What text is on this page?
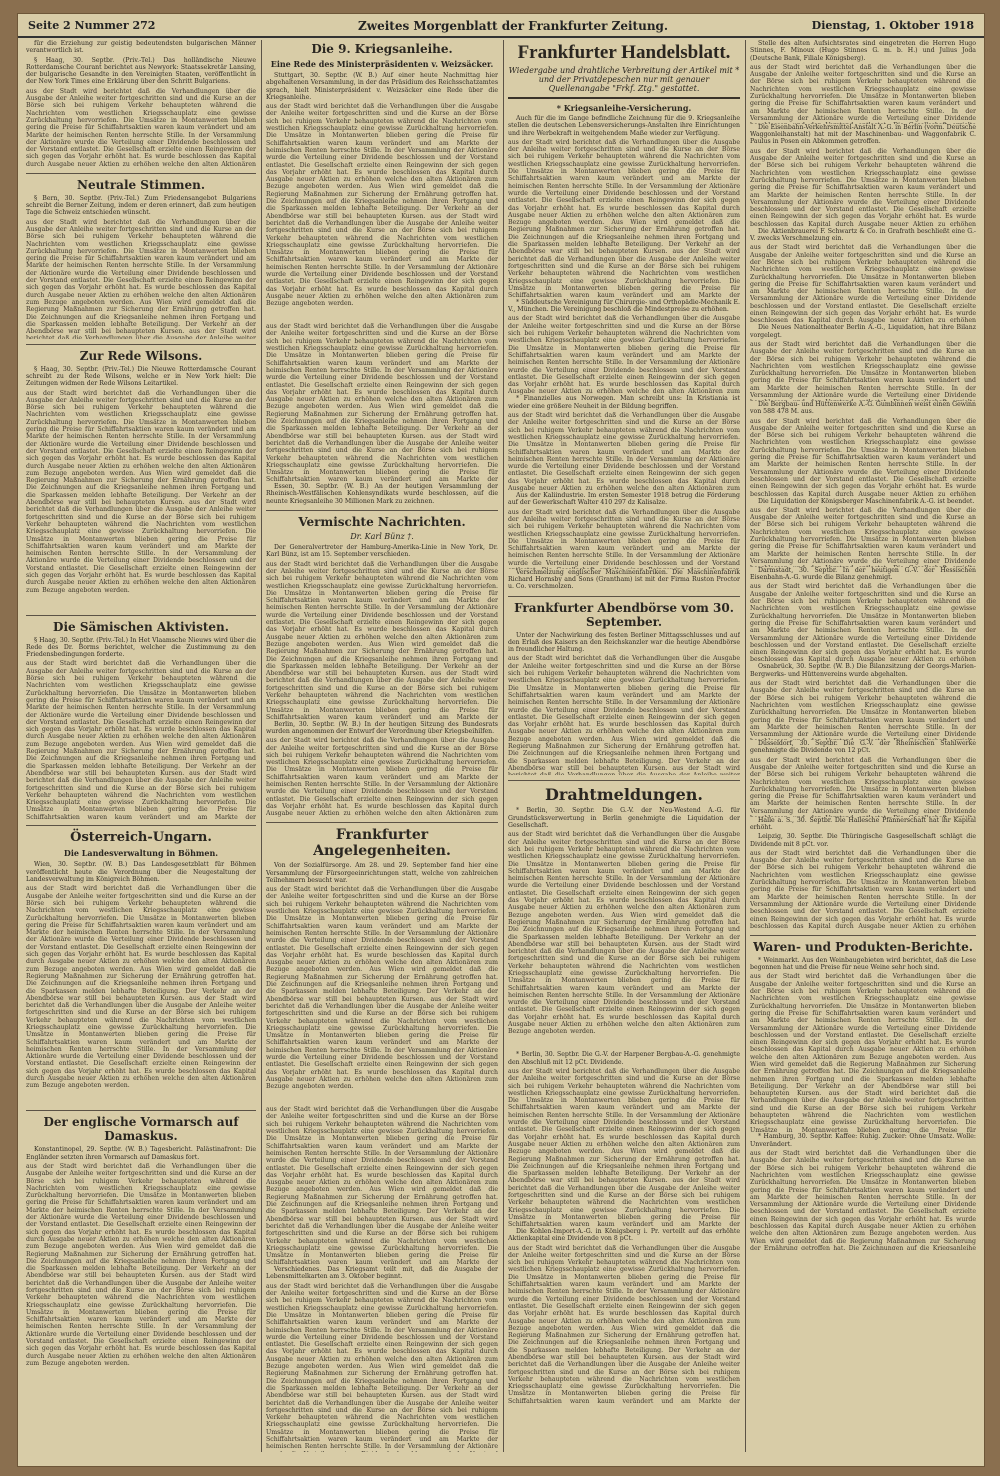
Seite 2 Nummer 272	Zweites Morgenblatt der Frankfurter Zeitung.	Dienstag, 1. Oktober 1918
für die Erziehung zur geistig bedeutendsten bulgarischen Männer verantwortlich ist.
§ Haag, 30. Septbr. (Priv.-Tel.) Das holländische Nieuwe Rotterdamsche Courant berichtet aus Newyork: Staatssekretär Lansing, der bulgarische Gesandte in den Vereinigten Staaten, veröffentlicht in der New York Times eine Erklärung über den Schritt Bulgariens.
aus der Stadt wird berichtet daß die Verhandlungen über die Ausgabe der Anleihe weiter fortgeschritten sind und die Kurse an der Börse sich bei ruhigem Verkehr behaupteten während die Nachrichten vom westlichen Kriegsschauplatz eine gewisse Zurückhaltung hervorriefen. Die Umsätze in Montanwerten blieben gering die Preise für Schiffahrtsaktien waren kaum verändert und am Markte der heimischen Renten herrschte Stille. In der Versammlung der Aktionäre wurde die Verteilung einer Dividende beschlossen und der Vorstand entlastet. Die Gesellschaft erzielte einen Reingewinn der sich gegen das Vorjahr erhöht hat. Es wurde beschlossen das Kapital durch Ausgabe neuer Aktien zu erhöhen welche den alten Aktionären zum Bezuge angeboten werden. Aus Wien wird gemeldet daß die Regierung Maßnahmen zur Sicherung der Ernährung getroffen hat. Die Zeichnungen auf die Kriegsanleihe nehmen ihren Fortgang und die Sparkassen melden lebhafte Beteiligung. Der Verkehr an der Abendbörse war still bei behaupteten Kursen. aus der Stadt wird berichtet daß die Verhandlungen über die Ausgabe der Anleihe weiter fortgeschritten sind und die Kurse an der Börse sich bei ruhigem Verkehr behaupteten während die Nachrichten vom westlichen Kriegsschauplatz eine gewisse Zurückhaltung hervorriefen. Die Umsätze in Montanwerten blieben gering die Preise für Schiffahrtsaktien waren kaum verändert und am Markte der heimischen Renten herrschte Stille. In der Versammlung der Aktionäre wurde die Verteilung einer Dividende beschlossen und der Vorstand entlastet. Die Gesellschaft erzielte einen Reingewinn der sich gegen das Vorjahr erhöht hat. Es wurde beschlossen das Kapital durch Ausgabe neuer Aktien zu erhöhen welche den alten Aktionären zum Bezuge angeboten werden.
Neutrale Stimmen.
§ Bern, 30. Septbr. (Priv.-Tel.) Zum Friedensangebot Bulgariens schreibt die Berner Zeitung, indem er deren erinnert, daß zum heutigen Tage die Schweiz entschieden wünscht.
aus der Stadt wird berichtet daß die Verhandlungen über die Ausgabe der Anleihe weiter fortgeschritten sind und die Kurse an der Börse sich bei ruhigem Verkehr behaupteten während die Nachrichten vom westlichen Kriegsschauplatz eine gewisse Zurückhaltung hervorriefen. Die Umsätze in Montanwerten blieben gering die Preise für Schiffahrtsaktien waren kaum verändert und am Markte der heimischen Renten herrschte Stille. In der Versammlung der Aktionäre wurde die Verteilung einer Dividende beschlossen und der Vorstand entlastet. Die Gesellschaft erzielte einen Reingewinn der sich gegen das Vorjahr erhöht hat. Es wurde beschlossen das Kapital durch Ausgabe neuer Aktien zu erhöhen welche den alten Aktionären zum Bezuge angeboten werden. Aus Wien wird gemeldet daß die Regierung Maßnahmen zur Sicherung der Ernährung getroffen hat. Die Zeichnungen auf die Kriegsanleihe nehmen ihren Fortgang und die Sparkassen melden lebhafte Beteiligung. Der Verkehr an der Abendbörse war still bei behaupteten Kursen. aus der Stadt wird berichtet daß die Verhandlungen über die Ausgabe der Anleihe weiter fortgeschritten sind und die Kurse an der Börse sich bei ruhigem Verkehr behaupteten während die Nachrichten vom westlichen Kriegsschauplatz eine gewisse Zurückhaltung hervorriefen. Die Umsätze in Montanwerten blieben gering die Preise für Schiffahrtsaktien waren kaum verändert und am Markte der heimischen Renten herrschte Stille. In der Versammlung der Aktionäre wurde die Verteilung einer Dividende beschlossen und der Vorstand entlastet. Die Gesellschaft erzielte einen Reingewinn der sich gegen das Vorjahr erhöht hat. Es wurde beschlossen das Kapital durch Ausgabe neuer Aktien zu erhöhen welche den alten Aktionären zum Bezuge angeboten werden.
Zur Rede Wilsons.
§ Haag, 30. Septbr. (Priv.-Tel.) Die Nieuwe Rotterdamsche Courant schreibt zu der Rede Wilsons, welche er in New York hielt: Die Zeitungen widmen der Rede Wilsons Leitartikel.
aus der Stadt wird berichtet daß die Verhandlungen über die Ausgabe der Anleihe weiter fortgeschritten sind und die Kurse an der Börse sich bei ruhigem Verkehr behaupteten während die Nachrichten vom westlichen Kriegsschauplatz eine gewisse Zurückhaltung hervorriefen. Die Umsätze in Montanwerten blieben gering die Preise für Schiffahrtsaktien waren kaum verändert und am Markte der heimischen Renten herrschte Stille. In der Versammlung der Aktionäre wurde die Verteilung einer Dividende beschlossen und der Vorstand entlastet. Die Gesellschaft erzielte einen Reingewinn der sich gegen das Vorjahr erhöht hat. Es wurde beschlossen das Kapital durch Ausgabe neuer Aktien zu erhöhen welche den alten Aktionären zum Bezuge angeboten werden. Aus Wien wird gemeldet daß die Regierung Maßnahmen zur Sicherung der Ernährung getroffen hat. Die Zeichnungen auf die Kriegsanleihe nehmen ihren Fortgang und die Sparkassen melden lebhafte Beteiligung. Der Verkehr an der Abendbörse war still bei behaupteten Kursen. aus der Stadt wird berichtet daß die Verhandlungen über die Ausgabe der Anleihe weiter fortgeschritten sind und die Kurse an der Börse sich bei ruhigem Verkehr behaupteten während die Nachrichten vom westlichen Kriegsschauplatz eine gewisse Zurückhaltung hervorriefen. Die Umsätze in Montanwerten blieben gering die Preise für Schiffahrtsaktien waren kaum verändert und am Markte der heimischen Renten herrschte Stille. In der Versammlung der Aktionäre wurde die Verteilung einer Dividende beschlossen und der Vorstand entlastet. Die Gesellschaft erzielte einen Reingewinn der sich gegen das Vorjahr erhöht hat. Es wurde beschlossen das Kapital durch Ausgabe neuer Aktien zu erhöhen welche den alten Aktionären zum Bezuge angeboten werden.
Die Sämischen Aktivisten.
§ Haag, 30. Septbr. (Priv.-Tel.) In Het Vlaamsche Nieuws wird über die Rede des Dr. Borms berichtet, welcher die Zustimmung zu den Friedensbedingungen forderte.
aus der Stadt wird berichtet daß die Verhandlungen über die Ausgabe der Anleihe weiter fortgeschritten sind und die Kurse an der Börse sich bei ruhigem Verkehr behaupteten während die Nachrichten vom westlichen Kriegsschauplatz eine gewisse Zurückhaltung hervorriefen. Die Umsätze in Montanwerten blieben gering die Preise für Schiffahrtsaktien waren kaum verändert und am Markte der heimischen Renten herrschte Stille. In der Versammlung der Aktionäre wurde die Verteilung einer Dividende beschlossen und der Vorstand entlastet. Die Gesellschaft erzielte einen Reingewinn der sich gegen das Vorjahr erhöht hat. Es wurde beschlossen das Kapital durch Ausgabe neuer Aktien zu erhöhen welche den alten Aktionären zum Bezuge angeboten werden. Aus Wien wird gemeldet daß die Regierung Maßnahmen zur Sicherung der Ernährung getroffen hat. Die Zeichnungen auf die Kriegsanleihe nehmen ihren Fortgang und die Sparkassen melden lebhafte Beteiligung. Der Verkehr an der Abendbörse war still bei behaupteten Kursen. aus der Stadt wird berichtet daß die Verhandlungen über die Ausgabe der Anleihe weiter fortgeschritten sind und die Kurse an der Börse sich bei ruhigem Verkehr behaupteten während die Nachrichten vom westlichen Kriegsschauplatz eine gewisse Zurückhaltung hervorriefen. Die Umsätze in Montanwerten blieben gering die Preise für Schiffahrtsaktien waren kaum verändert und am Markte der heimischen Renten herrschte Stille. In der Versammlung der Aktionäre wurde die Verteilung einer Dividende beschlossen und der Vorstand entlastet. Die Gesellschaft erzielte einen Reingewinn der sich gegen das Vorjahr erhöht hat. Es wurde beschlossen das Kapital durch Ausgabe neuer Aktien zu erhöhen welche den alten Aktionären zum Bezuge angeboten werden.
Österreich-Ungarn.
Die Landesverwaltung in Böhmen.
Wien, 30. Septbr. (W. B.) Das Landesgesetzblatt für Böhmen veröffentlicht heute die Verordnung über die Neugestaltung der Landesverwaltung im Königreich Böhmen.
aus der Stadt wird berichtet daß die Verhandlungen über die Ausgabe der Anleihe weiter fortgeschritten sind und die Kurse an der Börse sich bei ruhigem Verkehr behaupteten während die Nachrichten vom westlichen Kriegsschauplatz eine gewisse Zurückhaltung hervorriefen. Die Umsätze in Montanwerten blieben gering die Preise für Schiffahrtsaktien waren kaum verändert und am Markte der heimischen Renten herrschte Stille. In der Versammlung der Aktionäre wurde die Verteilung einer Dividende beschlossen und der Vorstand entlastet. Die Gesellschaft erzielte einen Reingewinn der sich gegen das Vorjahr erhöht hat. Es wurde beschlossen das Kapital durch Ausgabe neuer Aktien zu erhöhen welche den alten Aktionären zum Bezuge angeboten werden. Aus Wien wird gemeldet daß die Regierung Maßnahmen zur Sicherung der Ernährung getroffen hat. Die Zeichnungen auf die Kriegsanleihe nehmen ihren Fortgang und die Sparkassen melden lebhafte Beteiligung. Der Verkehr an der Abendbörse war still bei behaupteten Kursen. aus der Stadt wird berichtet daß die Verhandlungen über die Ausgabe der Anleihe weiter fortgeschritten sind und die Kurse an der Börse sich bei ruhigem Verkehr behaupteten während die Nachrichten vom westlichen Kriegsschauplatz eine gewisse Zurückhaltung hervorriefen. Die Umsätze in Montanwerten blieben gering die Preise für Schiffahrtsaktien waren kaum verändert und am Markte der heimischen Renten herrschte Stille. In der Versammlung der Aktionäre wurde die Verteilung einer Dividende beschlossen und der Vorstand entlastet. Die Gesellschaft erzielte einen Reingewinn der sich gegen das Vorjahr erhöht hat. Es wurde beschlossen das Kapital durch Ausgabe neuer Aktien zu erhöhen welche den alten Aktionären zum Bezuge angeboten werden.
Der englische Vormarsch auf Damaskus.
Konstantinopel, 29. Septbr. (W. B.) Tagesbericht. Palästinafront: Die Engländer setzten ihren Vormarsch auf Damaskus fort.
aus der Stadt wird berichtet daß die Verhandlungen über die Ausgabe der Anleihe weiter fortgeschritten sind und die Kurse an der Börse sich bei ruhigem Verkehr behaupteten während die Nachrichten vom westlichen Kriegsschauplatz eine gewisse Zurückhaltung hervorriefen. Die Umsätze in Montanwerten blieben gering die Preise für Schiffahrtsaktien waren kaum verändert und am Markte der heimischen Renten herrschte Stille. In der Versammlung der Aktionäre wurde die Verteilung einer Dividende beschlossen und der Vorstand entlastet. Die Gesellschaft erzielte einen Reingewinn der sich gegen das Vorjahr erhöht hat. Es wurde beschlossen das Kapital durch Ausgabe neuer Aktien zu erhöhen welche den alten Aktionären zum Bezuge angeboten werden. Aus Wien wird gemeldet daß die Regierung Maßnahmen zur Sicherung der Ernährung getroffen hat. Die Zeichnungen auf die Kriegsanleihe nehmen ihren Fortgang und die Sparkassen melden lebhafte Beteiligung. Der Verkehr an der Abendbörse war still bei behaupteten Kursen. aus der Stadt wird berichtet daß die Verhandlungen über die Ausgabe der Anleihe weiter fortgeschritten sind und die Kurse an der Börse sich bei ruhigem Verkehr behaupteten während die Nachrichten vom westlichen Kriegsschauplatz eine gewisse Zurückhaltung hervorriefen. Die Umsätze in Montanwerten blieben gering die Preise für Schiffahrtsaktien waren kaum verändert und am Markte der heimischen Renten herrschte Stille. In der Versammlung der Aktionäre wurde die Verteilung einer Dividende beschlossen und der Vorstand entlastet. Die Gesellschaft erzielte einen Reingewinn der sich gegen das Vorjahr erhöht hat. Es wurde beschlossen das Kapital durch Ausgabe neuer Aktien zu erhöhen welche den alten Aktionären zum Bezuge angeboten werden.
Die 9. Kriegsanleihe.
Eine Rede des Ministerpräsidenten v. Weizsäcker.
Stuttgart, 30. Septbr. (W. B.) Auf einer heute Nachmittag hier abgehaltenen Versammlung, in der das Präsidium des Reichsschatzamtes sprach, hielt Ministerpräsident v. Weizsäcker eine Rede über die Kriegsanleihe.
aus der Stadt wird berichtet daß die Verhandlungen über die Ausgabe der Anleihe weiter fortgeschritten sind und die Kurse an der Börse sich bei ruhigem Verkehr behaupteten während die Nachrichten vom westlichen Kriegsschauplatz eine gewisse Zurückhaltung hervorriefen. Die Umsätze in Montanwerten blieben gering die Preise für Schiffahrtsaktien waren kaum verändert und am Markte der heimischen Renten herrschte Stille. In der Versammlung der Aktionäre wurde die Verteilung einer Dividende beschlossen und der Vorstand entlastet. Die Gesellschaft erzielte einen Reingewinn der sich gegen das Vorjahr erhöht hat. Es wurde beschlossen das Kapital durch Ausgabe neuer Aktien zu erhöhen welche den alten Aktionären zum Bezuge angeboten werden. Aus Wien wird gemeldet daß die Regierung Maßnahmen zur Sicherung der Ernährung getroffen hat. Die Zeichnungen auf die Kriegsanleihe nehmen ihren Fortgang und die Sparkassen melden lebhafte Beteiligung. Der Verkehr an der Abendbörse war still bei behaupteten Kursen. aus der Stadt wird berichtet daß die Verhandlungen über die Ausgabe der Anleihe weiter fortgeschritten sind und die Kurse an der Börse sich bei ruhigem Verkehr behaupteten während die Nachrichten vom westlichen Kriegsschauplatz eine gewisse Zurückhaltung hervorriefen. Die Umsätze in Montanwerten blieben gering die Preise für Schiffahrtsaktien waren kaum verändert und am Markte der heimischen Renten herrschte Stille. In der Versammlung der Aktionäre wurde die Verteilung einer Dividende beschlossen und der Vorstand entlastet. Die Gesellschaft erzielte einen Reingewinn der sich gegen das Vorjahr erhöht hat. Es wurde beschlossen das Kapital durch Ausgabe neuer Aktien zu erhöhen welche den alten Aktionären zum Bezuge angeboten werden.
aus der Stadt wird berichtet daß die Verhandlungen über die Ausgabe der Anleihe weiter fortgeschritten sind und die Kurse an der Börse sich bei ruhigem Verkehr behaupteten während die Nachrichten vom westlichen Kriegsschauplatz eine gewisse Zurückhaltung hervorriefen. Die Umsätze in Montanwerten blieben gering die Preise für Schiffahrtsaktien waren kaum verändert und am Markte der heimischen Renten herrschte Stille. In der Versammlung der Aktionäre wurde die Verteilung einer Dividende beschlossen und der Vorstand entlastet. Die Gesellschaft erzielte einen Reingewinn der sich gegen das Vorjahr erhöht hat. Es wurde beschlossen das Kapital durch Ausgabe neuer Aktien zu erhöhen welche den alten Aktionären zum Bezuge angeboten werden. Aus Wien wird gemeldet daß die Regierung Maßnahmen zur Sicherung der Ernährung getroffen hat. Die Zeichnungen auf die Kriegsanleihe nehmen ihren Fortgang und die Sparkassen melden lebhafte Beteiligung. Der Verkehr an der Abendbörse war still bei behaupteten Kursen. aus der Stadt wird berichtet daß die Verhandlungen über die Ausgabe der Anleihe weiter fortgeschritten sind und die Kurse an der Börse sich bei ruhigem Verkehr behaupteten während die Nachrichten vom westlichen Kriegsschauplatz eine gewisse Zurückhaltung hervorriefen. Die Umsätze in Montanwerten blieben gering die Preise für Schiffahrtsaktien waren kaum verändert und am Markte der heimischen Renten herrschte Stille. In der Versammlung der Aktionäre wurde die Verteilung einer Dividende beschlossen und der Vorstand entlastet. Die Gesellschaft erzielte einen Reingewinn der sich gegen das Vorjahr erhöht hat. Es wurde beschlossen das Kapital durch Ausgabe neuer Aktien zu erhöhen welche den alten Aktionären zum Bezuge angeboten werden.
Essen, 30. Septbr. (W. B.) An der heutigen Versammlung der Rheinisch-Westfälischen Kohlensyndikats wurde beschlossen, auf die neunte Kriegsanleihe 30 Millionen Mark zu zeichnen.
Vermischte Nachrichten.
Dr. Karl Bünz †.
Der Generalvertreter der Hamburg-Amerika-Linie in New York, Dr. Karl Bünz, ist am 15. September verschieden.
aus der Stadt wird berichtet daß die Verhandlungen über die Ausgabe der Anleihe weiter fortgeschritten sind und die Kurse an der Börse sich bei ruhigem Verkehr behaupteten während die Nachrichten vom westlichen Kriegsschauplatz eine gewisse Zurückhaltung hervorriefen. Die Umsätze in Montanwerten blieben gering die Preise für Schiffahrtsaktien waren kaum verändert und am Markte der heimischen Renten herrschte Stille. In der Versammlung der Aktionäre wurde die Verteilung einer Dividende beschlossen und der Vorstand entlastet. Die Gesellschaft erzielte einen Reingewinn der sich gegen das Vorjahr erhöht hat. Es wurde beschlossen das Kapital durch Ausgabe neuer Aktien zu erhöhen welche den alten Aktionären zum Bezuge angeboten werden. Aus Wien wird gemeldet daß die Regierung Maßnahmen zur Sicherung der Ernährung getroffen hat. Die Zeichnungen auf die Kriegsanleihe nehmen ihren Fortgang und die Sparkassen melden lebhafte Beteiligung. Der Verkehr an der Abendbörse war still bei behaupteten Kursen. aus der Stadt wird berichtet daß die Verhandlungen über die Ausgabe der Anleihe weiter fortgeschritten sind und die Kurse an der Börse sich bei ruhigem Verkehr behaupteten während die Nachrichten vom westlichen Kriegsschauplatz eine gewisse Zurückhaltung hervorriefen. Die Umsätze in Montanwerten blieben gering die Preise für Schiffahrtsaktien waren kaum verändert und am Markte der heimischen Renten herrschte Stille. In der Versammlung der Aktionäre wurde die Verteilung einer Dividende beschlossen und der Vorstand entlastet. Die Gesellschaft erzielte einen Reingewinn der sich gegen das Vorjahr erhöht hat. Es wurde beschlossen das Kapital durch Ausgabe neuer Aktien zu erhöhen welche den alten Aktionären zum Bezuge angeboten werden.
Berlin, 30. Septbr. (W. B.) In der heutigen Sitzung des Bundesrats wurden angenommen der Entwurf der Verordnung über Kriegsbeihilfen.
aus der Stadt wird berichtet daß die Verhandlungen über die Ausgabe der Anleihe weiter fortgeschritten sind und die Kurse an der Börse sich bei ruhigem Verkehr behaupteten während die Nachrichten vom westlichen Kriegsschauplatz eine gewisse Zurückhaltung hervorriefen. Die Umsätze in Montanwerten blieben gering die Preise für Schiffahrtsaktien waren kaum verändert und am Markte der heimischen Renten herrschte Stille. In der Versammlung der Aktionäre wurde die Verteilung einer Dividende beschlossen und der Vorstand entlastet. Die Gesellschaft erzielte einen Reingewinn der sich gegen das Vorjahr erhöht hat. Es wurde beschlossen das Kapital durch Ausgabe neuer Aktien zu erhöhen welche den alten Aktionären zum Bezuge angeboten werden. Aus Wien wird gemeldet daß die Regierung Maßnahmen zur Sicherung der Ernährung getroffen hat. Die Zeichnungen auf die Kriegsanleihe nehmen ihren Fortgang und die Sparkassen melden lebhafte Beteiligung. Der Verkehr an der Abendbörse war still bei behaupteten Kursen. aus der Stadt wird berichtet daß die Verhandlungen über die Ausgabe der Anleihe weiter fortgeschritten sind und die Kurse an der Börse sich bei ruhigem Verkehr behaupteten während die Nachrichten vom westlichen Kriegsschauplatz eine gewisse Zurückhaltung hervorriefen. Die Umsätze in Montanwerten blieben gering die Preise für Schiffahrtsaktien waren kaum verändert und am Markte der heimischen Renten herrschte Stille. In der Versammlung der Aktionäre wurde die Verteilung einer Dividende beschlossen und der Vorstand entlastet. Die Gesellschaft erzielte einen Reingewinn der sich gegen das Vorjahr erhöht hat. Es wurde beschlossen das Kapital durch Ausgabe neuer Aktien zu erhöhen welche den alten Aktionären zum Bezuge angeboten werden.
Frankfurter Angelegenheiten.
Von der Sozialfürsorge. Am 28. und 29. September fand hier eine Versammlung der Fürsorgeeinrichtungen statt, welche von zahlreichen Teilnehmern besucht war.
aus der Stadt wird berichtet daß die Verhandlungen über die Ausgabe der Anleihe weiter fortgeschritten sind und die Kurse an der Börse sich bei ruhigem Verkehr behaupteten während die Nachrichten vom westlichen Kriegsschauplatz eine gewisse Zurückhaltung hervorriefen. Die Umsätze in Montanwerten blieben gering die Preise für Schiffahrtsaktien waren kaum verändert und am Markte der heimischen Renten herrschte Stille. In der Versammlung der Aktionäre wurde die Verteilung einer Dividende beschlossen und der Vorstand entlastet. Die Gesellschaft erzielte einen Reingewinn der sich gegen das Vorjahr erhöht hat. Es wurde beschlossen das Kapital durch Ausgabe neuer Aktien zu erhöhen welche den alten Aktionären zum Bezuge angeboten werden. Aus Wien wird gemeldet daß die Regierung Maßnahmen zur Sicherung der Ernährung getroffen hat. Die Zeichnungen auf die Kriegsanleihe nehmen ihren Fortgang und die Sparkassen melden lebhafte Beteiligung. Der Verkehr an der Abendbörse war still bei behaupteten Kursen. aus der Stadt wird berichtet daß die Verhandlungen über die Ausgabe der Anleihe weiter fortgeschritten sind und die Kurse an der Börse sich bei ruhigem Verkehr behaupteten während die Nachrichten vom westlichen Kriegsschauplatz eine gewisse Zurückhaltung hervorriefen. Die Umsätze in Montanwerten blieben gering die Preise für Schiffahrtsaktien waren kaum verändert und am Markte der heimischen Renten herrschte Stille. In der Versammlung der Aktionäre wurde die Verteilung einer Dividende beschlossen und der Vorstand entlastet. Die Gesellschaft erzielte einen Reingewinn der sich gegen das Vorjahr erhöht hat. Es wurde beschlossen das Kapital durch Ausgabe neuer Aktien zu erhöhen welche den alten Aktionären zum Bezuge angeboten werden.
aus der Stadt wird berichtet daß die Verhandlungen über die Ausgabe der Anleihe weiter fortgeschritten sind und die Kurse an der Börse sich bei ruhigem Verkehr behaupteten während die Nachrichten vom westlichen Kriegsschauplatz eine gewisse Zurückhaltung hervorriefen. Die Umsätze in Montanwerten blieben gering die Preise für Schiffahrtsaktien waren kaum verändert und am Markte der heimischen Renten herrschte Stille. In der Versammlung der Aktionäre wurde die Verteilung einer Dividende beschlossen und der Vorstand entlastet. Die Gesellschaft erzielte einen Reingewinn der sich gegen das Vorjahr erhöht hat. Es wurde beschlossen das Kapital durch Ausgabe neuer Aktien zu erhöhen welche den alten Aktionären zum Bezuge angeboten werden. Aus Wien wird gemeldet daß die Regierung Maßnahmen zur Sicherung der Ernährung getroffen hat. Die Zeichnungen auf die Kriegsanleihe nehmen ihren Fortgang und die Sparkassen melden lebhafte Beteiligung. Der Verkehr an der Abendbörse war still bei behaupteten Kursen. aus der Stadt wird berichtet daß die Verhandlungen über die Ausgabe der Anleihe weiter fortgeschritten sind und die Kurse an der Börse sich bei ruhigem Verkehr behaupteten während die Nachrichten vom westlichen Kriegsschauplatz eine gewisse Zurückhaltung hervorriefen. Die Umsätze in Montanwerten blieben gering die Preise für Schiffahrtsaktien waren kaum verändert und am Markte der heimischen Renten herrschte Stille. In der Versammlung der Aktionäre wurde die Verteilung einer Dividende beschlossen und der Vorstand entlastet. Die Gesellschaft erzielte einen Reingewinn der sich gegen das Vorjahr erhöht hat. Es wurde beschlossen das Kapital durch Ausgabe neuer Aktien zu erhöhen welche den alten Aktionären zum Bezuge angeboten werden.
Verschiedenes. Das Kriegsamt teilt mit, daß die Ausgabe der Lebensmittelkarten am 3. Oktober beginnt.
aus der Stadt wird berichtet daß die Verhandlungen über die Ausgabe der Anleihe weiter fortgeschritten sind und die Kurse an der Börse sich bei ruhigem Verkehr behaupteten während die Nachrichten vom westlichen Kriegsschauplatz eine gewisse Zurückhaltung hervorriefen. Die Umsätze in Montanwerten blieben gering die Preise für Schiffahrtsaktien waren kaum verändert und am Markte der heimischen Renten herrschte Stille. In der Versammlung der Aktionäre wurde die Verteilung einer Dividende beschlossen und der Vorstand entlastet. Die Gesellschaft erzielte einen Reingewinn der sich gegen das Vorjahr erhöht hat. Es wurde beschlossen das Kapital durch Ausgabe neuer Aktien zu erhöhen welche den alten Aktionären zum Bezuge angeboten werden. Aus Wien wird gemeldet daß die Regierung Maßnahmen zur Sicherung der Ernährung getroffen hat. Die Zeichnungen auf die Kriegsanleihe nehmen ihren Fortgang und die Sparkassen melden lebhafte Beteiligung. Der Verkehr an der Abendbörse war still bei behaupteten Kursen. aus der Stadt wird berichtet daß die Verhandlungen über die Ausgabe der Anleihe weiter fortgeschritten sind und die Kurse an der Börse sich bei ruhigem Verkehr behaupteten während die Nachrichten vom westlichen Kriegsschauplatz eine gewisse Zurückhaltung hervorriefen. Die Umsätze in Montanwerten blieben gering die Preise für Schiffahrtsaktien waren kaum verändert und am Markte der heimischen Renten herrschte Stille. In der Versammlung der Aktionäre wurde die Verteilung einer Dividende beschlossen und der Vorstand entlastet. Die Gesellschaft erzielte einen Reingewinn der sich gegen das Vorjahr erhöht hat. Es wurde beschlossen das Kapital durch Ausgabe neuer Aktien zu erhöhen welche den alten Aktionären zum Bezuge angeboten werden.
Frankfurter Handelsblatt.
Wiedergabe und drahtliche Verbreitung der Artikel mit * und der Privatdepeschen nur mit genauer Quellenangabe "Frkf. Ztg." gestattet.
* Kriegsanleihe-Versicherung.
Auch für die im Gange befindliche Zeichnung für die 9. Kriegsanleihe stellen die deutschen Lebensversicherungs-Anstalten ihre Einrichtungen und ihre Werbekraft in weitgehendem Maße wieder zur Verfügung.
aus der Stadt wird berichtet daß die Verhandlungen über die Ausgabe der Anleihe weiter fortgeschritten sind und die Kurse an der Börse sich bei ruhigem Verkehr behaupteten während die Nachrichten vom westlichen Kriegsschauplatz eine gewisse Zurückhaltung hervorriefen. Die Umsätze in Montanwerten blieben gering die Preise für Schiffahrtsaktien waren kaum verändert und am Markte der heimischen Renten herrschte Stille. In der Versammlung der Aktionäre wurde die Verteilung einer Dividende beschlossen und der Vorstand entlastet. Die Gesellschaft erzielte einen Reingewinn der sich gegen das Vorjahr erhöht hat. Es wurde beschlossen das Kapital durch Ausgabe neuer Aktien zu erhöhen welche den alten Aktionären zum Bezuge angeboten werden. Aus Wien wird gemeldet daß die Regierung Maßnahmen zur Sicherung der Ernährung getroffen hat. Die Zeichnungen auf die Kriegsanleihe nehmen ihren Fortgang und die Sparkassen melden lebhafte Beteiligung. Der Verkehr an der Abendbörse war still bei behaupteten Kursen. aus der Stadt wird berichtet daß die Verhandlungen über die Ausgabe der Anleihe weiter fortgeschritten sind und die Kurse an der Börse sich bei ruhigem Verkehr behaupteten während die Nachrichten vom westlichen Kriegsschauplatz eine gewisse Zurückhaltung hervorriefen. Die Umsätze in Montanwerten blieben gering die Preise für Schiffahrtsaktien waren kaum verändert und am Markte der heimischen Renten herrschte Stille. In der Versammlung der Aktionäre wurde die Verteilung einer Dividende beschlossen und der Vorstand entlastet. Die Gesellschaft erzielte einen Reingewinn der sich gegen das Vorjahr erhöht hat. Es wurde beschlossen das Kapital durch Ausgabe neuer Aktien zu erhöhen welche den alten Aktionären zum Bezuge angeboten werden.
* Süddeutsche Vereinigung für Chirurgie- und Orthopädie-Mechanik E. V., München. Die Vereinigung beschloß die Mindestpreise zu erhöhen.
aus der Stadt wird berichtet daß die Verhandlungen über die Ausgabe der Anleihe weiter fortgeschritten sind und die Kurse an der Börse sich bei ruhigem Verkehr behaupteten während die Nachrichten vom westlichen Kriegsschauplatz eine gewisse Zurückhaltung hervorriefen. Die Umsätze in Montanwerten blieben gering die Preise für Schiffahrtsaktien waren kaum verändert und am Markte der heimischen Renten herrschte Stille. In der Versammlung der Aktionäre wurde die Verteilung einer Dividende beschlossen und der Vorstand entlastet. Die Gesellschaft erzielte einen Reingewinn der sich gegen das Vorjahr erhöht hat. Es wurde beschlossen das Kapital durch Ausgabe neuer Aktien zu erhöhen welche den alten Aktionären zum Bezuge angeboten werden. Aus Wien wird gemeldet daß die Regierung Maßnahmen zur Sicherung der Ernährung getroffen hat. Die Zeichnungen auf die Kriegsanleihe nehmen ihren Fortgang und die Sparkassen melden lebhafte Beteiligung. Der Verkehr an der Abendbörse war still bei behaupteten Kursen. aus der Stadt wird berichtet daß die Verhandlungen über die Ausgabe der Anleihe weiter fortgeschritten sind und die Kurse an der Börse sich bei ruhigem Verkehr behaupteten während die Nachrichten vom westlichen Kriegsschauplatz eine gewisse Zurückhaltung hervorriefen. Die Umsätze in Montanwerten blieben gering die Preise für Schiffahrtsaktien waren kaum verändert und am Markte der heimischen Renten herrschte Stille. In der Versammlung der Aktionäre wurde die Verteilung einer Dividende beschlossen und der Vorstand entlastet. Die Gesellschaft erzielte einen Reingewinn der sich gegen das Vorjahr erhöht hat. Es wurde beschlossen das Kapital durch Ausgabe neuer Aktien zu erhöhen welche den alten Aktionären zum Bezuge angeboten werden.
* Finanzielles aus Norwegen. Man schreibt uns: In Kristiania ist wieder eine größere Neuheit in der Bildung begriffen.
aus der Stadt wird berichtet daß die Verhandlungen über die Ausgabe der Anleihe weiter fortgeschritten sind und die Kurse an der Börse sich bei ruhigem Verkehr behaupteten während die Nachrichten vom westlichen Kriegsschauplatz eine gewisse Zurückhaltung hervorriefen. Die Umsätze in Montanwerten blieben gering die Preise für Schiffahrtsaktien waren kaum verändert und am Markte der heimischen Renten herrschte Stille. In der Versammlung der Aktionäre wurde die Verteilung einer Dividende beschlossen und der Vorstand entlastet. Die Gesellschaft erzielte einen Reingewinn der sich gegen das Vorjahr erhöht hat. Es wurde beschlossen das Kapital durch Ausgabe neuer Aktien zu erhöhen welche den alten Aktionären zum Bezuge angeboten werden. Aus Wien wird gemeldet daß die Regierung Maßnahmen zur Sicherung der Ernährung getroffen hat. Die Zeichnungen auf die Kriegsanleihe nehmen ihren Fortgang und die Sparkassen melden lebhafte Beteiligung. Der Verkehr an der Abendbörse war still bei behaupteten Kursen. aus der Stadt wird berichtet daß die Verhandlungen über die Ausgabe der Anleihe weiter fortgeschritten sind und die Kurse an der Börse sich bei ruhigem Verkehr behaupteten während die Nachrichten vom westlichen Kriegsschauplatz eine gewisse Zurückhaltung hervorriefen. Die Umsätze in Montanwerten blieben gering die Preise für Schiffahrtsaktien waren kaum verändert und am Markte der heimischen Renten herrschte Stille. In der Versammlung der Aktionäre wurde die Verteilung einer Dividende beschlossen und der Vorstand entlastet. Die Gesellschaft erzielte einen Reingewinn der sich gegen das Vorjahr erhöht hat. Es wurde beschlossen das Kapital durch Ausgabe neuer Aktien zu erhöhen welche den alten Aktionären zum Bezuge angeboten werden.
Aus der Kaliindustrie. Im ersten Semester 1918 betrug die Förderung auf der Gewerkschaft Walter 410 297 dz Kalisalze.
aus der Stadt wird berichtet daß die Verhandlungen über die Ausgabe der Anleihe weiter fortgeschritten sind und die Kurse an der Börse sich bei ruhigem Verkehr behaupteten während die Nachrichten vom westlichen Kriegsschauplatz eine gewisse Zurückhaltung hervorriefen. Die Umsätze in Montanwerten blieben gering die Preise für Schiffahrtsaktien waren kaum verändert und am Markte der heimischen Renten herrschte Stille. In der Versammlung der Aktionäre wurde die Verteilung einer Dividende beschlossen und der Vorstand entlastet. Die Gesellschaft erzielte einen Reingewinn der sich gegen das Vorjahr erhöht hat. Es wurde beschlossen das Kapital durch Ausgabe neuer Aktien zu erhöhen welche den alten Aktionären zum Bezuge angeboten werden. Aus Wien wird gemeldet daß die Regierung Maßnahmen zur Sicherung der Ernährung getroffen hat. Die Zeichnungen auf die Kriegsanleihe nehmen ihren Fortgang und die Sparkassen melden lebhafte Beteiligung. Der Verkehr an der Abendbörse war still bei behaupteten Kursen. aus der Stadt wird berichtet daß die Verhandlungen über die Ausgabe der Anleihe weiter fortgeschritten sind und die Kurse an der Börse sich bei ruhigem Verkehr behaupteten während die Nachrichten vom westlichen Kriegsschauplatz eine gewisse Zurückhaltung hervorriefen. Die Umsätze in Montanwerten blieben gering die Preise für Schiffahrtsaktien waren kaum verändert und am Markte der heimischen Renten herrschte Stille. In der Versammlung der Aktionäre wurde die Verteilung einer Dividende beschlossen und der Vorstand entlastet. Die Gesellschaft erzielte einen Reingewinn der sich gegen das Vorjahr erhöht hat. Es wurde beschlossen das Kapital durch Ausgabe neuer Aktien zu erhöhen welche den alten Aktionären zum Bezuge angeboten werden.
Verschmelzung englischer Maschinenfabriken. Die Maschinenfabrik Richard Hornsby and Sons (Grantham) ist mit der Firma Ruston Proctor u. Co. verschmolzen.
Frankfurter Abendbörse vom 30. September.
Unter der Nachwirkung des festen Berliner Mittagsschlusses und auf den Erlaß des Kaisers an den Reichskanzler war die heutige Abendbörse in freundlicher Haltung.
aus der Stadt wird berichtet daß die Verhandlungen über die Ausgabe der Anleihe weiter fortgeschritten sind und die Kurse an der Börse sich bei ruhigem Verkehr behaupteten während die Nachrichten vom westlichen Kriegsschauplatz eine gewisse Zurückhaltung hervorriefen. Die Umsätze in Montanwerten blieben gering die Preise für Schiffahrtsaktien waren kaum verändert und am Markte der heimischen Renten herrschte Stille. In der Versammlung der Aktionäre wurde die Verteilung einer Dividende beschlossen und der Vorstand entlastet. Die Gesellschaft erzielte einen Reingewinn der sich gegen das Vorjahr erhöht hat. Es wurde beschlossen das Kapital durch Ausgabe neuer Aktien zu erhöhen welche den alten Aktionären zum Bezuge angeboten werden. Aus Wien wird gemeldet daß die Regierung Maßnahmen zur Sicherung der Ernährung getroffen hat. Die Zeichnungen auf die Kriegsanleihe nehmen ihren Fortgang und die Sparkassen melden lebhafte Beteiligung. Der Verkehr an der Abendbörse war still bei behaupteten Kursen. aus der Stadt wird berichtet daß die Verhandlungen über die Ausgabe der Anleihe weiter fortgeschritten sind und die Kurse an der Börse sich bei ruhigem Verkehr behaupteten während die Nachrichten vom westlichen Kriegsschauplatz eine gewisse Zurückhaltung hervorriefen. Die Umsätze in Montanwerten blieben gering die Preise für Schiffahrtsaktien waren kaum verändert und am Markte der heimischen Renten herrschte Stille. In der Versammlung der Aktionäre wurde die Verteilung einer Dividende beschlossen und der Vorstand entlastet. Die Gesellschaft erzielte einen Reingewinn der sich gegen das Vorjahr erhöht hat. Es wurde beschlossen das Kapital durch Ausgabe neuer Aktien zu erhöhen welche den alten Aktionären zum Bezuge angeboten werden.
Drahtmeldungen.
* Berlin, 30. Septbr. Die G.-V. der Neu-Westend A.-G. für Grundstücksverwertung in Berlin genehmigte die Liquidation der Gesellschaft.
aus der Stadt wird berichtet daß die Verhandlungen über die Ausgabe der Anleihe weiter fortgeschritten sind und die Kurse an der Börse sich bei ruhigem Verkehr behaupteten während die Nachrichten vom westlichen Kriegsschauplatz eine gewisse Zurückhaltung hervorriefen. Die Umsätze in Montanwerten blieben gering die Preise für Schiffahrtsaktien waren kaum verändert und am Markte der heimischen Renten herrschte Stille. In der Versammlung der Aktionäre wurde die Verteilung einer Dividende beschlossen und der Vorstand entlastet. Die Gesellschaft erzielte einen Reingewinn der sich gegen das Vorjahr erhöht hat. Es wurde beschlossen das Kapital durch Ausgabe neuer Aktien zu erhöhen welche den alten Aktionären zum Bezuge angeboten werden. Aus Wien wird gemeldet daß die Regierung Maßnahmen zur Sicherung der Ernährung getroffen hat. Die Zeichnungen auf die Kriegsanleihe nehmen ihren Fortgang und die Sparkassen melden lebhafte Beteiligung. Der Verkehr an der Abendbörse war still bei behaupteten Kursen. aus der Stadt wird berichtet daß die Verhandlungen über die Ausgabe der Anleihe weiter fortgeschritten sind und die Kurse an der Börse sich bei ruhigem Verkehr behaupteten während die Nachrichten vom westlichen Kriegsschauplatz eine gewisse Zurückhaltung hervorriefen. Die Umsätze in Montanwerten blieben gering die Preise für Schiffahrtsaktien waren kaum verändert und am Markte der heimischen Renten herrschte Stille. In der Versammlung der Aktionäre wurde die Verteilung einer Dividende beschlossen und der Vorstand entlastet. Die Gesellschaft erzielte einen Reingewinn der sich gegen das Vorjahr erhöht hat. Es wurde beschlossen das Kapital durch Ausgabe neuer Aktien zu erhöhen welche den alten Aktionären zum Bezuge angeboten werden.
* Berlin, 30. Septbr. Die G.-V. der Harpener Bergbau-A.-G. genehmigte den Abschluß mit 12 pCt. Dividende.
aus der Stadt wird berichtet daß die Verhandlungen über die Ausgabe der Anleihe weiter fortgeschritten sind und die Kurse an der Börse sich bei ruhigem Verkehr behaupteten während die Nachrichten vom westlichen Kriegsschauplatz eine gewisse Zurückhaltung hervorriefen. Die Umsätze in Montanwerten blieben gering die Preise für Schiffahrtsaktien waren kaum verändert und am Markte der heimischen Renten herrschte Stille. In der Versammlung der Aktionäre wurde die Verteilung einer Dividende beschlossen und der Vorstand entlastet. Die Gesellschaft erzielte einen Reingewinn der sich gegen das Vorjahr erhöht hat. Es wurde beschlossen das Kapital durch Ausgabe neuer Aktien zu erhöhen welche den alten Aktionären zum Bezuge angeboten werden. Aus Wien wird gemeldet daß die Regierung Maßnahmen zur Sicherung der Ernährung getroffen hat. Die Zeichnungen auf die Kriegsanleihe nehmen ihren Fortgang und die Sparkassen melden lebhafte Beteiligung. Der Verkehr an der Abendbörse war still bei behaupteten Kursen. aus der Stadt wird berichtet daß die Verhandlungen über die Ausgabe der Anleihe weiter fortgeschritten sind und die Kurse an der Börse sich bei ruhigem Verkehr behaupteten während die Nachrichten vom westlichen Kriegsschauplatz eine gewisse Zurückhaltung hervorriefen. Die Umsätze in Montanwerten blieben gering die Preise für Schiffahrtsaktien waren kaum verändert und am Markte der heimischen Renten herrschte Stille. In der Versammlung der Aktionäre wurde die Verteilung einer Dividende beschlossen und der Vorstand entlastet. Die Gesellschaft erzielte einen Reingewinn der sich gegen das Vorjahr erhöht hat. Es wurde beschlossen das Kapital durch Ausgabe neuer Aktien zu erhöhen welche den alten Aktionären zum Bezuge angeboten werden.
Die Kohlen-Import-A.-G. in Königsberg i. Pr. verteilt auf das erhöhte Aktienkapital eine Dividende von 8 pCt.
aus der Stadt wird berichtet daß die Verhandlungen über die Ausgabe der Anleihe weiter fortgeschritten sind und die Kurse an der Börse sich bei ruhigem Verkehr behaupteten während die Nachrichten vom westlichen Kriegsschauplatz eine gewisse Zurückhaltung hervorriefen. Die Umsätze in Montanwerten blieben gering die Preise für Schiffahrtsaktien waren kaum verändert und am Markte der heimischen Renten herrschte Stille. In der Versammlung der Aktionäre wurde die Verteilung einer Dividende beschlossen und der Vorstand entlastet. Die Gesellschaft erzielte einen Reingewinn der sich gegen das Vorjahr erhöht hat. Es wurde beschlossen das Kapital durch Ausgabe neuer Aktien zu erhöhen welche den alten Aktionären zum Bezuge angeboten werden. Aus Wien wird gemeldet daß die Regierung Maßnahmen zur Sicherung der Ernährung getroffen hat. Die Zeichnungen auf die Kriegsanleihe nehmen ihren Fortgang und die Sparkassen melden lebhafte Beteiligung. Der Verkehr an der Abendbörse war still bei behaupteten Kursen. aus der Stadt wird berichtet daß die Verhandlungen über die Ausgabe der Anleihe weiter fortgeschritten sind und die Kurse an der Börse sich bei ruhigem Verkehr behaupteten während die Nachrichten vom westlichen Kriegsschauplatz eine gewisse Zurückhaltung hervorriefen. Die Umsätze in Montanwerten blieben gering die Preise für Schiffahrtsaktien waren kaum verändert und am Markte der heimischen Renten herrschte Stille. In der Versammlung der Aktionäre wurde die Verteilung einer Dividende beschlossen und der Vorstand entlastet. Die Gesellschaft erzielte einen Reingewinn der sich gegen das Vorjahr erhöht hat. Es wurde beschlossen das Kapital durch Ausgabe neuer Aktien zu erhöhen welche den alten Aktionären zum Bezuge angeboten werden.
Stelle des alten Aufsichtsrates sind eingetreten die Herren Hugo Stinnes, F. Minoux (Hugo Stinnes G. m. b. H.) und Julius Joda (Deutsche Bank, Filiale Königsberg).
aus der Stadt wird berichtet daß die Verhandlungen über die Ausgabe der Anleihe weiter fortgeschritten sind und die Kurse an der Börse sich bei ruhigem Verkehr behaupteten während die Nachrichten vom westlichen Kriegsschauplatz eine gewisse Zurückhaltung hervorriefen. Die Umsätze in Montanwerten blieben gering die Preise für Schiffahrtsaktien waren kaum verändert und am Markte der heimischen Renten herrschte Stille. In der Versammlung der Aktionäre wurde die Verteilung einer Dividende beschlossen und der Vorstand entlastet. Die Gesellschaft erzielte einen Reingewinn der sich gegen das Vorjahr erhöht hat. Es wurde beschlossen das Kapital durch Ausgabe neuer Aktien zu erhöhen welche den alten Aktionären zum Bezuge angeboten werden. Aus Wien wird gemeldet daß die Regierung Maßnahmen zur Sicherung der Ernährung getroffen hat. Die Zeichnungen auf die Kriegsanleihe nehmen ihren Fortgang und die Sparkassen melden lebhafte Beteiligung. Der Verkehr an der Abendbörse war still bei behaupteten Kursen. aus der Stadt wird berichtet daß die Verhandlungen über die Ausgabe der Anleihe weiter fortgeschritten sind und die Kurse an der Börse sich bei ruhigem Verkehr behaupteten während die Nachrichten vom westlichen Kriegsschauplatz eine gewisse Zurückhaltung hervorriefen. Die Umsätze in Montanwerten blieben gering die Preise für Schiffahrtsaktien waren kaum verändert und am Markte der heimischen Renten herrschte Stille. In der Versammlung der Aktionäre wurde die Verteilung einer Dividende beschlossen und der Vorstand entlastet. Die Gesellschaft erzielte einen Reingewinn der sich gegen das Vorjahr erhöht hat. Es wurde beschlossen das Kapital durch Ausgabe neuer Aktien zu erhöhen welche den alten Aktionären zum Bezuge angeboten werden.
Die Eisenbahn-Verkehrsmittel-Anstalt A.-G. in Berlin (vorm. Deutsche Waggonleihanstalt) hat mit der Maschinenbau- und Waggonfabrik C. Paulus in Posen ein Abkommen getroffen.
aus der Stadt wird berichtet daß die Verhandlungen über die Ausgabe der Anleihe weiter fortgeschritten sind und die Kurse an der Börse sich bei ruhigem Verkehr behaupteten während die Nachrichten vom westlichen Kriegsschauplatz eine gewisse Zurückhaltung hervorriefen. Die Umsätze in Montanwerten blieben gering die Preise für Schiffahrtsaktien waren kaum verändert und am Markte der heimischen Renten herrschte Stille. In der Versammlung der Aktionäre wurde die Verteilung einer Dividende beschlossen und der Vorstand entlastet. Die Gesellschaft erzielte einen Reingewinn der sich gegen das Vorjahr erhöht hat. Es wurde beschlossen das Kapital durch Ausgabe neuer Aktien zu erhöhen welche den alten Aktionären zum Bezuge angeboten werden. Aus Wien wird gemeldet daß die Regierung Maßnahmen zur Sicherung der Ernährung getroffen hat. Die Zeichnungen auf die Kriegsanleihe nehmen ihren Fortgang und die Sparkassen melden lebhafte Beteiligung. Der Verkehr an der Abendbörse war still bei behaupteten Kursen. aus der Stadt wird berichtet daß die Verhandlungen über die Ausgabe der Anleihe weiter fortgeschritten sind und die Kurse an der Börse sich bei ruhigem Verkehr behaupteten während die Nachrichten vom westlichen Kriegsschauplatz eine gewisse Zurückhaltung hervorriefen. Die Umsätze in Montanwerten blieben gering die Preise für Schiffahrtsaktien waren kaum verändert und am Markte der heimischen Renten herrschte Stille. In der Versammlung der Aktionäre wurde die Verteilung einer Dividende beschlossen und der Vorstand entlastet. Die Gesellschaft erzielte einen Reingewinn der sich gegen das Vorjahr erhöht hat. Es wurde beschlossen das Kapital durch Ausgabe neuer Aktien zu erhöhen welche den alten Aktionären zum Bezuge angeboten werden.
Die Aktienbrauerei F. Schwartz & Co. in Grafrath beschließt eine G.-V. zwecks Verschmelzung ein.
aus der Stadt wird berichtet daß die Verhandlungen über die Ausgabe der Anleihe weiter fortgeschritten sind und die Kurse an der Börse sich bei ruhigem Verkehr behaupteten während die Nachrichten vom westlichen Kriegsschauplatz eine gewisse Zurückhaltung hervorriefen. Die Umsätze in Montanwerten blieben gering die Preise für Schiffahrtsaktien waren kaum verändert und am Markte der heimischen Renten herrschte Stille. In der Versammlung der Aktionäre wurde die Verteilung einer Dividende beschlossen und der Vorstand entlastet. Die Gesellschaft erzielte einen Reingewinn der sich gegen das Vorjahr erhöht hat. Es wurde beschlossen das Kapital durch Ausgabe neuer Aktien zu erhöhen welche den alten Aktionären zum Bezuge angeboten werden. Aus Wien wird gemeldet daß die Regierung Maßnahmen zur Sicherung der Ernährung getroffen hat. Die Zeichnungen auf die Kriegsanleihe nehmen ihren Fortgang und die Sparkassen melden lebhafte Beteiligung. Der Verkehr an der Abendbörse war still bei behaupteten Kursen. aus der Stadt wird berichtet daß die Verhandlungen über die Ausgabe der Anleihe weiter fortgeschritten sind und die Kurse an der Börse sich bei ruhigem Verkehr behaupteten während die Nachrichten vom westlichen Kriegsschauplatz eine gewisse Zurückhaltung hervorriefen. Die Umsätze in Montanwerten blieben gering die Preise für Schiffahrtsaktien waren kaum verändert und am Markte der heimischen Renten herrschte Stille. In der Versammlung der Aktionäre wurde die Verteilung einer Dividende beschlossen und der Vorstand entlastet. Die Gesellschaft erzielte einen Reingewinn der sich gegen das Vorjahr erhöht hat. Es wurde beschlossen das Kapital durch Ausgabe neuer Aktien zu erhöhen welche den alten Aktionären zum Bezuge angeboten werden.
Die Neues Nationaltheater Berlin A.-G., Liquidation, hat ihre Bilanz vorgelegt.
aus der Stadt wird berichtet daß die Verhandlungen über die Ausgabe der Anleihe weiter fortgeschritten sind und die Kurse an der Börse sich bei ruhigem Verkehr behaupteten während die Nachrichten vom westlichen Kriegsschauplatz eine gewisse Zurückhaltung hervorriefen. Die Umsätze in Montanwerten blieben gering die Preise für Schiffahrtsaktien waren kaum verändert und am Markte der heimischen Renten herrschte Stille. In der Versammlung der Aktionäre wurde die Verteilung einer Dividende beschlossen und der Vorstand entlastet. Die Gesellschaft erzielte einen Reingewinn der sich gegen das Vorjahr erhöht hat. Es wurde beschlossen das Kapital durch Ausgabe neuer Aktien zu erhöhen welche den alten Aktionären zum Bezuge angeboten werden. Aus Wien wird gemeldet daß die Regierung Maßnahmen zur Sicherung der Ernährung getroffen hat. Die Zeichnungen auf die Kriegsanleihe nehmen ihren Fortgang und die Sparkassen melden lebhafte Beteiligung. Der Verkehr an der Abendbörse war still bei behaupteten Kursen. aus der Stadt wird berichtet daß die Verhandlungen über die Ausgabe der Anleihe weiter fortgeschritten sind und die Kurse an der Börse sich bei ruhigem Verkehr behaupteten während die Nachrichten vom westlichen Kriegsschauplatz eine gewisse Zurückhaltung hervorriefen. Die Umsätze in Montanwerten blieben gering die Preise für Schiffahrtsaktien waren kaum verändert und am Markte der heimischen Renten herrschte Stille. In der Versammlung der Aktionäre wurde die Verteilung einer Dividende beschlossen und der Vorstand entlastet. Die Gesellschaft erzielte einen Reingewinn der sich gegen das Vorjahr erhöht hat. Es wurde beschlossen das Kapital durch Ausgabe neuer Aktien zu erhöhen welche den alten Aktionären zum Bezuge angeboten werden.
Die Bergbau- und Hüttenwerke A.-G. Gumbinnen weist einen Gewinn von 588 478 M. aus.
aus der Stadt wird berichtet daß die Verhandlungen über die Ausgabe der Anleihe weiter fortgeschritten sind und die Kurse an der Börse sich bei ruhigem Verkehr behaupteten während die Nachrichten vom westlichen Kriegsschauplatz eine gewisse Zurückhaltung hervorriefen. Die Umsätze in Montanwerten blieben gering die Preise für Schiffahrtsaktien waren kaum verändert und am Markte der heimischen Renten herrschte Stille. In der Versammlung der Aktionäre wurde die Verteilung einer Dividende beschlossen und der Vorstand entlastet. Die Gesellschaft erzielte einen Reingewinn der sich gegen das Vorjahr erhöht hat. Es wurde beschlossen das Kapital durch Ausgabe neuer Aktien zu erhöhen welche den alten Aktionären zum Bezuge angeboten werden. Aus Wien wird gemeldet daß die Regierung Maßnahmen zur Sicherung der Ernährung getroffen hat. Die Zeichnungen auf die Kriegsanleihe nehmen ihren Fortgang und die Sparkassen melden lebhafte Beteiligung. Der Verkehr an der Abendbörse war still bei behaupteten Kursen. aus der Stadt wird berichtet daß die Verhandlungen über die Ausgabe der Anleihe weiter fortgeschritten sind und die Kurse an der Börse sich bei ruhigem Verkehr behaupteten während die Nachrichten vom westlichen Kriegsschauplatz eine gewisse Zurückhaltung hervorriefen. Die Umsätze in Montanwerten blieben gering die Preise für Schiffahrtsaktien waren kaum verändert und am Markte der heimischen Renten herrschte Stille. In der Versammlung der Aktionäre wurde die Verteilung einer Dividende beschlossen und der Vorstand entlastet. Die Gesellschaft erzielte einen Reingewinn der sich gegen das Vorjahr erhöht hat. Es wurde beschlossen das Kapital durch Ausgabe neuer Aktien zu erhöhen welche den alten Aktionären zum Bezuge angeboten werden.
Die Liquidation der Königsberger Maschinenfabrik A.-G. ist beendet.
aus der Stadt wird berichtet daß die Verhandlungen über die Ausgabe der Anleihe weiter fortgeschritten sind und die Kurse an der Börse sich bei ruhigem Verkehr behaupteten während die Nachrichten vom westlichen Kriegsschauplatz eine gewisse Zurückhaltung hervorriefen. Die Umsätze in Montanwerten blieben gering die Preise für Schiffahrtsaktien waren kaum verändert und am Markte der heimischen Renten herrschte Stille. In der Versammlung der Aktionäre wurde die Verteilung einer Dividende beschlossen und der Vorstand entlastet. Die Gesellschaft erzielte einen Reingewinn der sich gegen das Vorjahr erhöht hat. Es wurde beschlossen das Kapital durch Ausgabe neuer Aktien zu erhöhen welche den alten Aktionären zum Bezuge angeboten werden. Aus Wien wird gemeldet daß die Regierung Maßnahmen zur Sicherung der Ernährung getroffen hat. Die Zeichnungen auf die Kriegsanleihe nehmen ihren Fortgang und die Sparkassen melden lebhafte Beteiligung. Der Verkehr an der Abendbörse war still bei behaupteten Kursen. aus der Stadt wird berichtet daß die Verhandlungen über die Ausgabe der Anleihe weiter fortgeschritten sind und die Kurse an der Börse sich bei ruhigem Verkehr behaupteten während die Nachrichten vom westlichen Kriegsschauplatz eine gewisse Zurückhaltung hervorriefen. Die Umsätze in Montanwerten blieben gering die Preise für Schiffahrtsaktien waren kaum verändert und am Markte der heimischen Renten herrschte Stille. In der Versammlung der Aktionäre wurde die Verteilung einer Dividende beschlossen und der Vorstand entlastet. Die Gesellschaft erzielte einen Reingewinn der sich gegen das Vorjahr erhöht hat. Es wurde beschlossen das Kapital durch Ausgabe neuer Aktien zu erhöhen welche den alten Aktionären zum Bezuge angeboten werden.
Darmstadt, 30. Septbr. In der heutigen G.-V. der Hessischen Eisenbahn-A.-G. wurde die Bilanz genehmigt.
aus der Stadt wird berichtet daß die Verhandlungen über die Ausgabe der Anleihe weiter fortgeschritten sind und die Kurse an der Börse sich bei ruhigem Verkehr behaupteten während die Nachrichten vom westlichen Kriegsschauplatz eine gewisse Zurückhaltung hervorriefen. Die Umsätze in Montanwerten blieben gering die Preise für Schiffahrtsaktien waren kaum verändert und am Markte der heimischen Renten herrschte Stille. In der Versammlung der Aktionäre wurde die Verteilung einer Dividende beschlossen und der Vorstand entlastet. Die Gesellschaft erzielte einen Reingewinn der sich gegen das Vorjahr erhöht hat. Es wurde beschlossen das Kapital durch Ausgabe neuer Aktien zu erhöhen welche den alten Aktionären zum Bezuge angeboten werden. Aus Wien wird gemeldet daß die Regierung Maßnahmen zur Sicherung der Ernährung getroffen hat. Die Zeichnungen auf die Kriegsanleihe nehmen ihren Fortgang und die Sparkassen melden lebhafte Beteiligung. Der Verkehr an der Abendbörse war still bei behaupteten Kursen. aus der Stadt wird berichtet daß die Verhandlungen über die Ausgabe der Anleihe weiter fortgeschritten sind und die Kurse an der Börse sich bei ruhigem Verkehr behaupteten während die Nachrichten vom westlichen Kriegsschauplatz eine gewisse Zurückhaltung hervorriefen. Die Umsätze in Montanwerten blieben gering die Preise für Schiffahrtsaktien waren kaum verändert und am Markte der heimischen Renten herrschte Stille. In der Versammlung der Aktionäre wurde die Verteilung einer Dividende beschlossen und der Vorstand entlastet. Die Gesellschaft erzielte einen Reingewinn der sich gegen das Vorjahr erhöht hat. Es wurde beschlossen das Kapital durch Ausgabe neuer Aktien zu erhöhen welche den alten Aktionären zum Bezuge angeboten werden.
Osnabrück, 30. Septbr. (W. B.) Die Bilanzsitzung der Georgs-Marien-Bergwerks- und Hüttenvereins wurde abgehalten.
aus der Stadt wird berichtet daß die Verhandlungen über die Ausgabe der Anleihe weiter fortgeschritten sind und die Kurse an der Börse sich bei ruhigem Verkehr behaupteten während die Nachrichten vom westlichen Kriegsschauplatz eine gewisse Zurückhaltung hervorriefen. Die Umsätze in Montanwerten blieben gering die Preise für Schiffahrtsaktien waren kaum verändert und am Markte der heimischen Renten herrschte Stille. In der Versammlung der Aktionäre wurde die Verteilung einer Dividende beschlossen und der Vorstand entlastet. Die Gesellschaft erzielte einen Reingewinn der sich gegen das Vorjahr erhöht hat. Es wurde beschlossen das Kapital durch Ausgabe neuer Aktien zu erhöhen welche den alten Aktionären zum Bezuge angeboten werden. Aus Wien wird gemeldet daß die Regierung Maßnahmen zur Sicherung der Ernährung getroffen hat. Die Zeichnungen auf die Kriegsanleihe nehmen ihren Fortgang und die Sparkassen melden lebhafte Beteiligung. Der Verkehr an der Abendbörse war still bei behaupteten Kursen. aus der Stadt wird berichtet daß die Verhandlungen über die Ausgabe der Anleihe weiter fortgeschritten sind und die Kurse an der Börse sich bei ruhigem Verkehr behaupteten während die Nachrichten vom westlichen Kriegsschauplatz eine gewisse Zurückhaltung hervorriefen. Die Umsätze in Montanwerten blieben gering die Preise für Schiffahrtsaktien waren kaum verändert und am Markte der heimischen Renten herrschte Stille. In der Versammlung der Aktionäre wurde die Verteilung einer Dividende beschlossen und der Vorstand entlastet. Die Gesellschaft erzielte einen Reingewinn der sich gegen das Vorjahr erhöht hat. Es wurde beschlossen das Kapital durch Ausgabe neuer Aktien zu erhöhen welche den alten Aktionären zum Bezuge angeboten werden.
Düsseldorf, 30. Septbr. Die G.-V. der Rheinischen Stahlwerke genehmigte die Dividende von 12 pCt.
aus der Stadt wird berichtet daß die Verhandlungen über die Ausgabe der Anleihe weiter fortgeschritten sind und die Kurse an der Börse sich bei ruhigem Verkehr behaupteten während die Nachrichten vom westlichen Kriegsschauplatz eine gewisse Zurückhaltung hervorriefen. Die Umsätze in Montanwerten blieben gering die Preise für Schiffahrtsaktien waren kaum verändert und am Markte der heimischen Renten herrschte Stille. In der Versammlung der Aktionäre wurde die Verteilung einer Dividende beschlossen und der Vorstand entlastet. Die Gesellschaft erzielte einen Reingewinn der sich gegen das Vorjahr erhöht hat. Es wurde beschlossen das Kapital durch Ausgabe neuer Aktien zu erhöhen welche den alten Aktionären zum Bezuge angeboten werden. Aus Wien wird gemeldet daß die Regierung Maßnahmen zur Sicherung der Ernährung getroffen hat. Die Zeichnungen auf die Kriegsanleihe nehmen ihren Fortgang und die Sparkassen melden lebhafte Beteiligung. Der Verkehr an der Abendbörse war still bei behaupteten Kursen. aus der Stadt wird berichtet daß die Verhandlungen über die Ausgabe der Anleihe weiter fortgeschritten sind und die Kurse an der Börse sich bei ruhigem Verkehr behaupteten während die Nachrichten vom westlichen Kriegsschauplatz eine gewisse Zurückhaltung hervorriefen. Die Umsätze in Montanwerten blieben gering die Preise für Schiffahrtsaktien waren kaum verändert und am Markte der heimischen Renten herrschte Stille. In der Versammlung der Aktionäre wurde die Verteilung einer Dividende beschlossen und der Vorstand entlastet. Die Gesellschaft erzielte einen Reingewinn der sich gegen das Vorjahr erhöht hat. Es wurde beschlossen das Kapital durch Ausgabe neuer Aktien zu erhöhen welche den alten Aktionären zum Bezuge angeboten werden.
Halle a. S., 30. Septbr. Die Hallesche Pfännerschaft hat ihr Kapital erhöht.
Leipzig, 30. Septbr. Die Thüringische Gasgesellschaft schlägt die Dividende mit 8 pCt. vor.
aus der Stadt wird berichtet daß die Verhandlungen über die Ausgabe der Anleihe weiter fortgeschritten sind und die Kurse an der Börse sich bei ruhigem Verkehr behaupteten während die Nachrichten vom westlichen Kriegsschauplatz eine gewisse Zurückhaltung hervorriefen. Die Umsätze in Montanwerten blieben gering die Preise für Schiffahrtsaktien waren kaum verändert und am Markte der heimischen Renten herrschte Stille. In der Versammlung der Aktionäre wurde die Verteilung einer Dividende beschlossen und der Vorstand entlastet. Die Gesellschaft erzielte einen Reingewinn der sich gegen das Vorjahr erhöht hat. Es wurde beschlossen das Kapital durch Ausgabe neuer Aktien zu erhöhen welche den alten Aktionären zum Bezuge angeboten werden. Aus Wien wird gemeldet daß die Regierung Maßnahmen zur Sicherung der Ernährung getroffen hat. Die Zeichnungen auf die Kriegsanleihe nehmen ihren Fortgang und die Sparkassen melden lebhafte Beteiligung. Der Verkehr an der Abendbörse war still bei behaupteten Kursen. aus der Stadt wird berichtet daß die Verhandlungen über die Ausgabe der Anleihe weiter fortgeschritten sind und die Kurse an der Börse sich bei ruhigem Verkehr behaupteten während die Nachrichten vom westlichen Kriegsschauplatz eine gewisse Zurückhaltung hervorriefen. Die Umsätze in Montanwerten blieben gering die Preise für Schiffahrtsaktien waren kaum verändert und am Markte der heimischen Renten herrschte Stille. In der Versammlung der Aktionäre wurde die Verteilung einer Dividende beschlossen und der Vorstand entlastet. Die Gesellschaft erzielte einen Reingewinn der sich gegen das Vorjahr erhöht hat. Es wurde beschlossen das Kapital durch Ausgabe neuer Aktien zu erhöhen welche den alten Aktionären zum Bezuge angeboten werden.
Waren- und Produkten-Berichte.
* Weinmarkt. Aus den Weinbaugebieten wird berichtet, daß die Lese begonnen hat und die Preise für neue Weine sehr hoch sind.
aus der Stadt wird berichtet daß die Verhandlungen über die Ausgabe der Anleihe weiter fortgeschritten sind und die Kurse an der Börse sich bei ruhigem Verkehr behaupteten während die Nachrichten vom westlichen Kriegsschauplatz eine gewisse Zurückhaltung hervorriefen. Die Umsätze in Montanwerten blieben gering die Preise für Schiffahrtsaktien waren kaum verändert und am Markte der heimischen Renten herrschte Stille. In der Versammlung der Aktionäre wurde die Verteilung einer Dividende beschlossen und der Vorstand entlastet. Die Gesellschaft erzielte einen Reingewinn der sich gegen das Vorjahr erhöht hat. Es wurde beschlossen das Kapital durch Ausgabe neuer Aktien zu erhöhen welche den alten Aktionären zum Bezuge angeboten werden. Aus Wien wird gemeldet daß die Regierung Maßnahmen zur Sicherung der Ernährung getroffen hat. Die Zeichnungen auf die Kriegsanleihe nehmen ihren Fortgang und die Sparkassen melden lebhafte Beteiligung. Der Verkehr an der Abendbörse war still bei behaupteten Kursen. aus der Stadt wird berichtet daß die Verhandlungen über die Ausgabe der Anleihe weiter fortgeschritten sind und die Kurse an der Börse sich bei ruhigem Verkehr behaupteten während die Nachrichten vom westlichen Kriegsschauplatz eine gewisse Zurückhaltung hervorriefen. Die Umsätze in Montanwerten blieben gering die Preise für Schiffahrtsaktien waren kaum verändert und am Markte der heimischen Renten herrschte Stille. In der Versammlung der Aktionäre wurde die Verteilung einer Dividende beschlossen und der Vorstand entlastet. Die Gesellschaft erzielte einen Reingewinn der sich gegen das Vorjahr erhöht hat. Es wurde beschlossen das Kapital durch Ausgabe neuer Aktien zu erhöhen welche den alten Aktionären zum Bezuge angeboten werden.
* Hamburg, 30. Septbr. Kaffee: Ruhig. Zucker: Ohne Umsatz. Wolle: Unverändert.
aus der Stadt wird berichtet daß die Verhandlungen über die Ausgabe der Anleihe weiter fortgeschritten sind und die Kurse an der Börse sich bei ruhigem Verkehr behaupteten während die Nachrichten vom westlichen Kriegsschauplatz eine gewisse Zurückhaltung hervorriefen. Die Umsätze in Montanwerten blieben gering die Preise für Schiffahrtsaktien waren kaum verändert und am Markte der heimischen Renten herrschte Stille. In der Versammlung der Aktionäre wurde die Verteilung einer Dividende beschlossen und der Vorstand entlastet. Die Gesellschaft erzielte einen Reingewinn der sich gegen das Vorjahr erhöht hat. Es wurde beschlossen das Kapital durch Ausgabe neuer Aktien zu erhöhen welche den alten Aktionären zum Bezuge angeboten werden. Aus Wien wird gemeldet daß die Regierung Maßnahmen zur Sicherung der Ernährung getroffen hat. Die Zeichnungen auf die Kriegsanleihe nehmen ihren Fortgang und die Sparkassen melden lebhafte Beteiligung. Der Verkehr an der Abendbörse war still bei behaupteten Kursen. aus der Stadt wird berichtet daß die Verhandlungen über die Ausgabe der Anleihe weiter fortgeschritten sind und die Kurse an der Börse sich bei ruhigem Verkehr behaupteten während die Nachrichten vom westlichen Kriegsschauplatz eine gewisse Zurückhaltung hervorriefen. Die Umsätze in Montanwerten blieben gering die Preise für Schiffahrtsaktien waren kaum verändert und am Markte der heimischen Renten herrschte Stille. In der Versammlung der Aktionäre wurde die Verteilung einer Dividende beschlossen und der Vorstand entlastet. Die Gesellschaft erzielte einen Reingewinn der sich gegen das Vorjahr erhöht hat. Es wurde beschlossen das Kapital durch Ausgabe neuer Aktien zu erhöhen welche den alten Aktionären zum Bezuge angeboten werden.
